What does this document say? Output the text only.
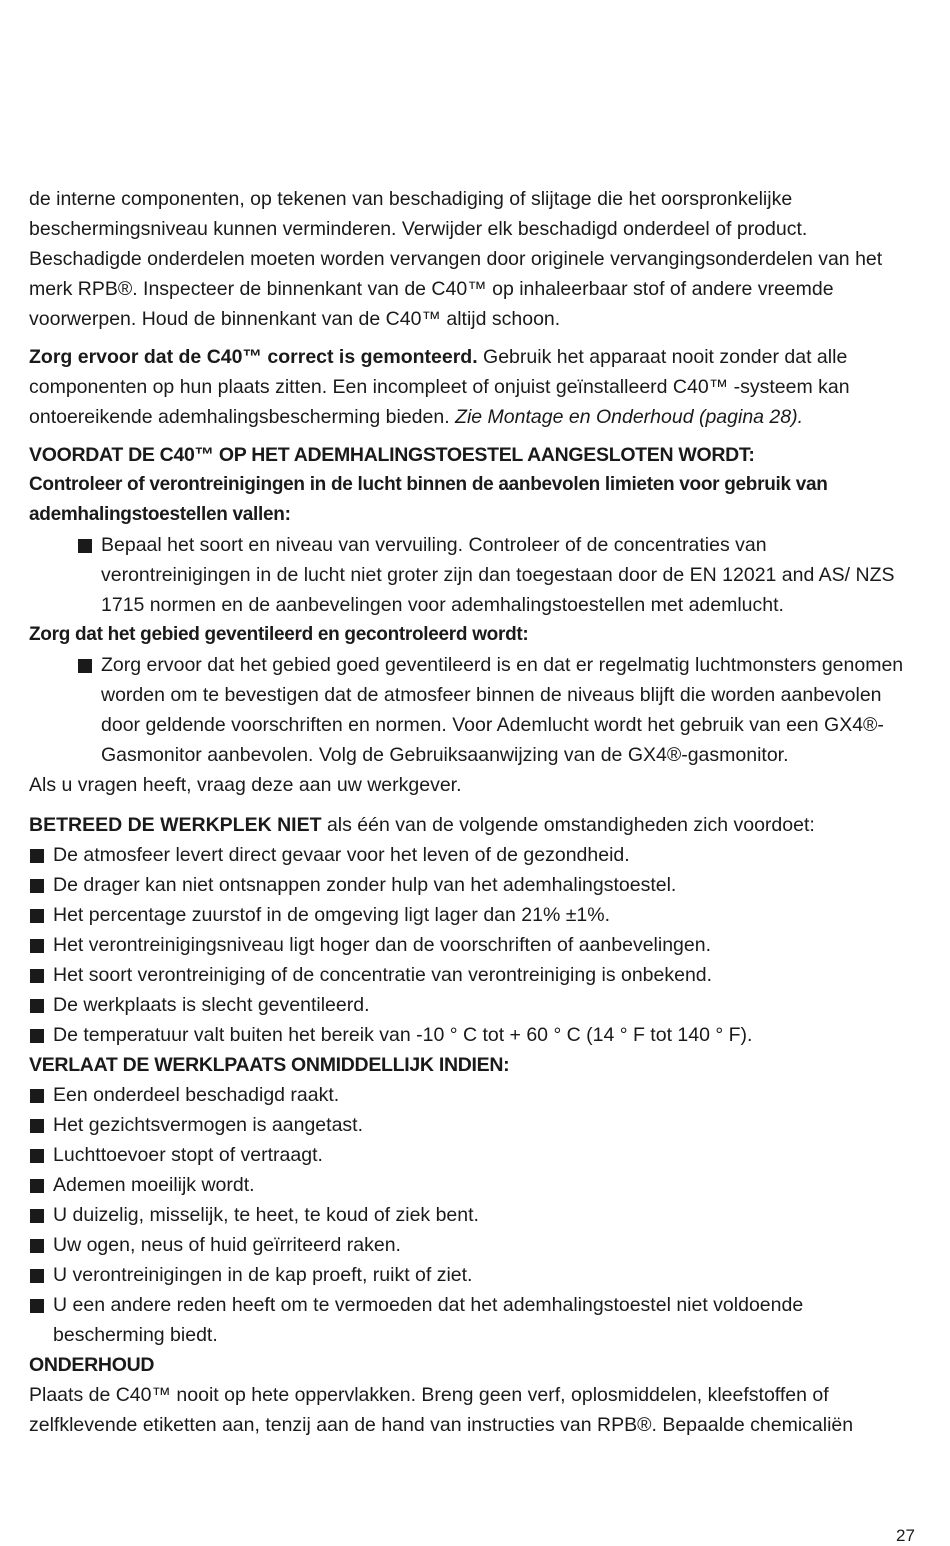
de interne componenten, op tekenen van beschadiging of slijtage die het oorspronkelijke beschermingsniveau kunnen verminderen. Verwijder elk beschadigd onderdeel of product. Beschadigde onderdelen moeten worden vervangen door originele vervangingsonderdelen van het merk RPB®. Inspecteer de binnenkant van de C40™ op inhaleerbaar stof of andere vreemde voorwerpen. Houd de binnenkant van de C40™ altijd schoon.

Zorg ervoor dat de C40™ correct is gemonteerd. Gebruik het apparaat nooit zonder dat alle componenten op hun plaats zitten. Een incompleet of onjuist geïnstalleerd C40™ -systeem kan ontoereikende ademhalingsbescherming bieden. Zie Montage en Onderhoud (pagina 28).

VOORDAT DE C40™ OP HET ADEMHALINGSTOESTEL AANGESLOTEN WORDT:
Controleer of verontreinigingen in de lucht binnen de aanbevolen limieten voor gebruik van ademhalingstoestellen vallen:
Bepaal het soort en niveau van vervuiling. Controleer of de concentraties van verontreinigingen in de lucht niet groter zijn dan toegestaan door de EN 12021 and AS/ NZS 1715 normen en de aanbevelingen voor ademhalingstoestellen met ademlucht.
Zorg dat het gebied geventileerd en gecontroleerd wordt:
Zorg ervoor dat het gebied goed geventileerd is en dat er regelmatig luchtmonsters genomen worden om te bevestigen dat de atmosfeer binnen de niveaus blijft die worden aanbevolen door geldende voorschriften en normen. Voor Ademlucht wordt het gebruik van een GX4®-Gasmonitor aanbevolen. Volg de Gebruiksaanwijzing van de GX4®-gasmonitor.

Als u vragen heeft, vraag deze aan uw werkgever.

BETREED DE WERKPLEK NIET als één van de volgende omstandigheden zich voordoet:

De atmosfeer levert direct gevaar voor het leven of de gezondheid.
De drager kan niet ontsnappen zonder hulp van het ademhalingstoestel.
Het percentage zuurstof in de omgeving ligt lager dan 21% ±1%.
Het verontreinigingsniveau ligt hoger dan de voorschriften of aanbevelingen.
Het soort verontreiniging of de concentratie van verontreiniging is onbekend.
De werkplaats is slecht geventileerd.
De temperatuur valt buiten het bereik van -10 ° C tot + 60 ° C (14 ° F tot 140 ° F).
VERLAAT DE WERKLPAATS ONMIDDELLIJK INDIEN:
Een onderdeel beschadigd raakt.
Het gezichtsvermogen is aangetast.
Luchttoevoer stopt of vertraagt.
Ademen moeilijk wordt.
U duizelig, misselijk, te heet, te koud of ziek bent.
Uw ogen, neus of huid geïrriteerd raken.
U verontreinigingen in de kap proeft, ruikt of ziet.
U een andere reden heeft om te vermoeden dat het ademhalingstoestel niet voldoende bescherming biedt.
ONDERHOUD

Plaats de C40™ nooit op hete oppervlakken. Breng geen verf, oplosmiddelen, kleefstoffen of zelfklevende etiketten aan, tenzij aan de hand van instructies van RPB®. Bepaalde chemicaliën

27
